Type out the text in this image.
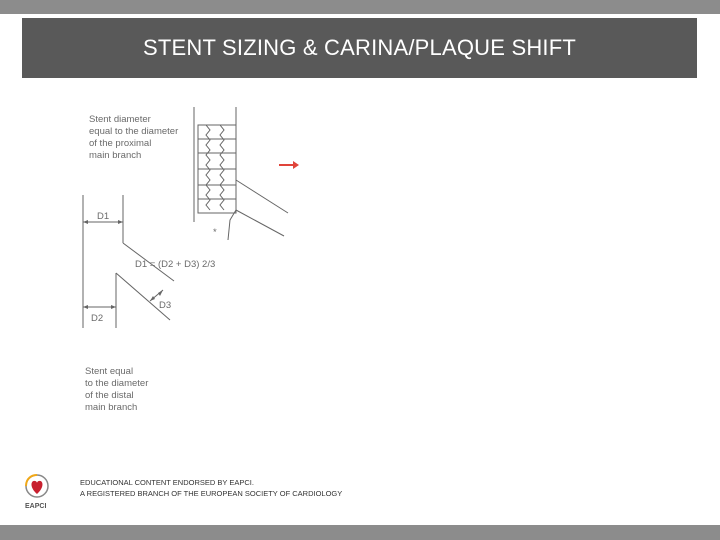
STENT SIZING & CARINA/PLAQUE SHIFT
Stent diameter
equal to the diameter
of the proximal
main branch
*
D1
D2
D3
D1 = (D2 + D3) 2/3
Stent equal
to the diameter
of the distal
main branch
EAPCI
EDUCATIONAL CONTENT ENDORSED BY EAPCI.
A REGISTERED BRANCH OF THE EUROPEAN SOCIETY OF CARDIOLOGY
